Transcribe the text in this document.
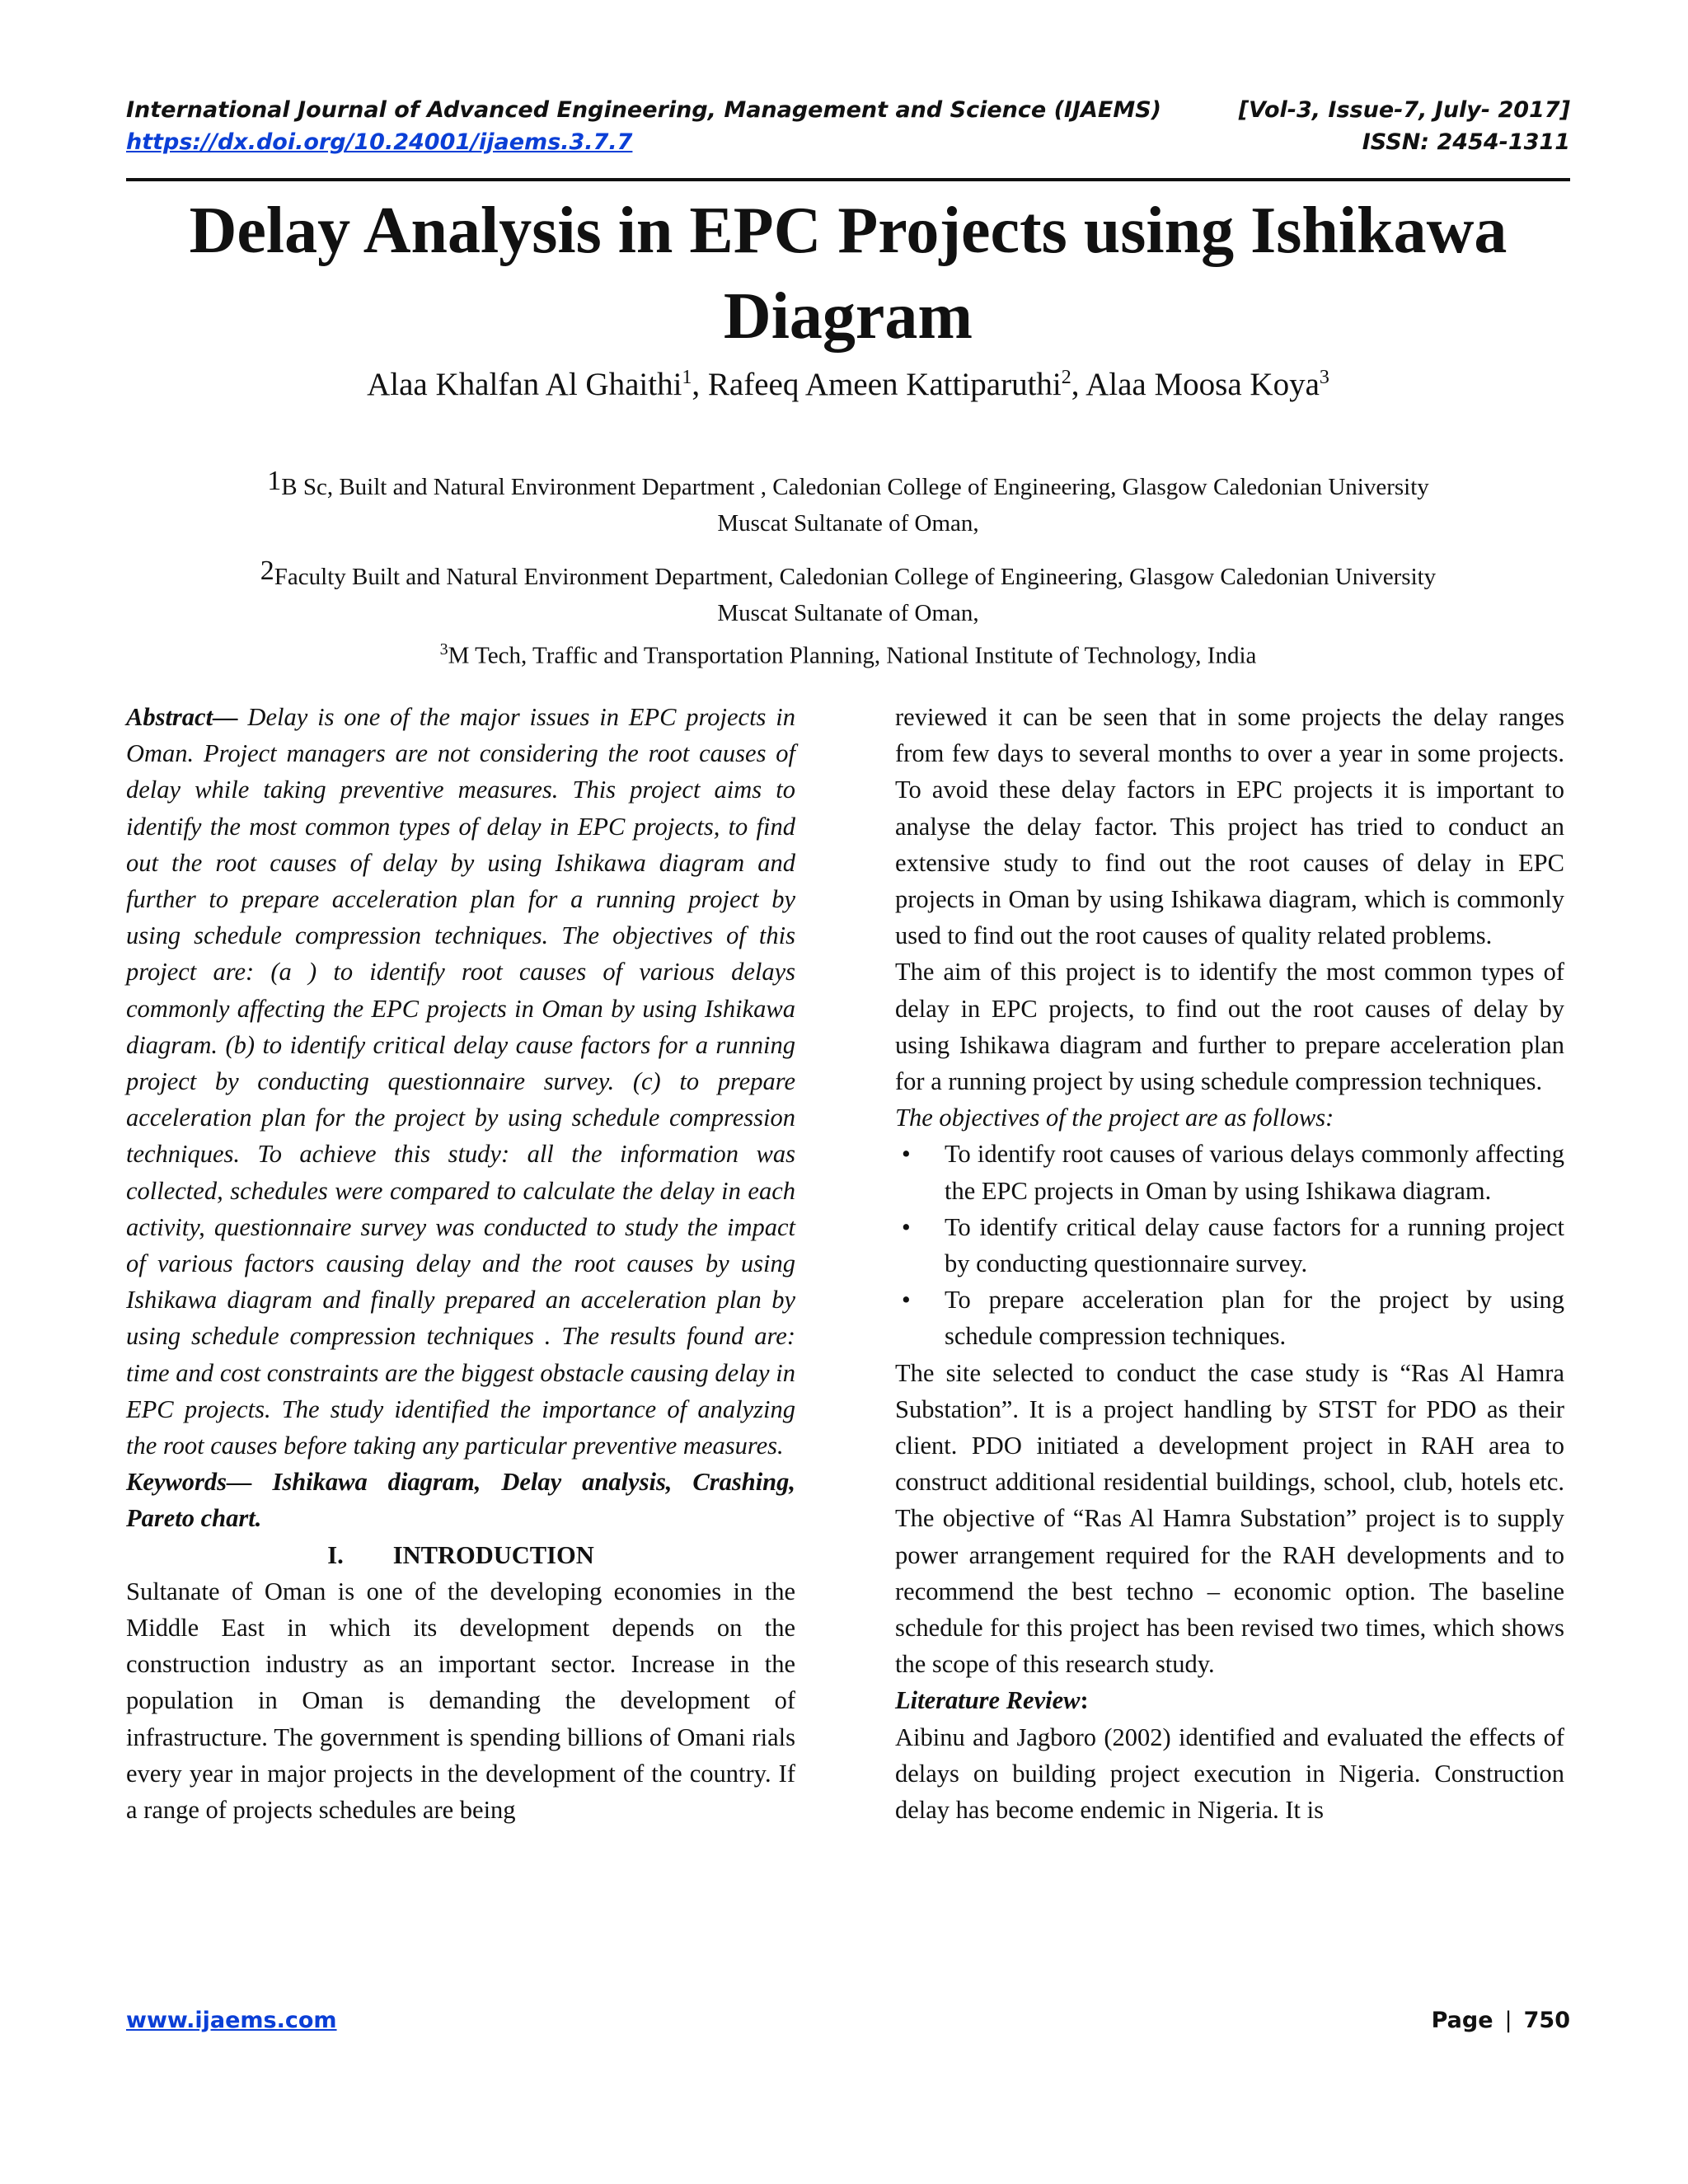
International Journal of Advanced Engineering, Management and Science (IJAEMS)	[Vol-3, Issue-7, July- 2017]
https://dx.doi.org/10.24001/ijaems.3.7.7	ISSN: 2454-1311
Delay Analysis in EPC Projects using Ishikawa
Diagram
Alaa Khalfan Al Ghaithi$^1$, Rafeeq Ameen Kattiparuthi$^2$, Alaa Moosa Koya$^3$
1B Sc, Built and Natural Environment Department , Caledonian College of Engineering, Glasgow Caledonian University
Muscat Sultanate of Oman,
2Faculty Built and Natural Environment Department, Caledonian College of Engineering, Glasgow Caledonian University
Muscat Sultanate of Oman,
$^3$M Tech, Traffic and Transportation Planning, National Institute of Technology, India

Abstract— Delay is one of the major issues in EPC projects in Oman. Project managers are not considering the root causes of delay while taking preventive measures. This project aims to identify the most common types of delay in EPC projects, to find out the root causes of delay by using Ishikawa diagram and further to prepare acceleration plan for a running project by using schedule compression techniques. The objectives of this project are: (a ) to identify root causes of various delays commonly affecting the EPC projects in Oman by using Ishikawa diagram. (b) to identify critical delay cause factors for a running project by conducting questionnaire survey. (c) to prepare acceleration plan for the project by using schedule compression techniques. To achieve this study: all the information was collected, schedules were compared to calculate the delay in each activity, questionnaire survey was conducted to study the impact of various factors causing delay and the root causes by using Ishikawa diagram and finally prepared an acceleration plan by using schedule compression techniques . The results found are: time and cost constraints are the biggest obstacle causing delay in EPC projects. The study identified the importance of analyzing the root causes before taking any particular preventive measures.

Keywords— Ishikawa diagram, Delay analysis, Crashing, Pareto chart.

I. INTRODUCTION

Sultanate of Oman is one of the developing economies in the Middle East in which its development depends on the construction industry as an important sector. Increase in the population in Oman is demanding the development of infrastructure. The government is spending billions of Omani rials every year in major projects in the development of the country. If a range of projects schedules are being

reviewed it can be seen that in some projects the delay ranges from few days to several months to over a year in some projects. To avoid these delay factors in EPC projects it is important to analyse the delay factor. This project has tried to conduct an extensive study to find out the root causes of delay in EPC projects in Oman by using Ishikawa diagram, which is commonly used to find out the root causes of quality related problems.

The aim of this project is to identify the most common types of delay in EPC projects, to find out the root causes of delay by using Ishikawa diagram and further to prepare acceleration plan for a running project by using schedule compression techniques.

The objectives of the project are as follows:

• To identify root causes of various delays commonly affecting the EPC projects in Oman by using Ishikawa diagram.
• To identify critical delay cause factors for a running project by conducting questionnaire survey.
• To prepare acceleration plan for the project by using schedule compression techniques.

The site selected to conduct the case study is “Ras Al Hamra Substation”. It is a project handling by STST for PDO as their client. PDO initiated a development project in RAH area to construct additional residential buildings, school, club, hotels etc. The objective of “Ras Al Hamra Substation” project is to supply power arrangement required for the RAH developments and to recommend the best techno – economic option. The baseline schedule for this project has been revised two times, which shows the scope of this research study.

Literature Review:

Aibinu and Jagboro (2002) identified and evaluated the effects of delays on building project execution in Nigeria. Construction delay has become endemic in Nigeria. It is

www.ijaems.com	Page | 750
